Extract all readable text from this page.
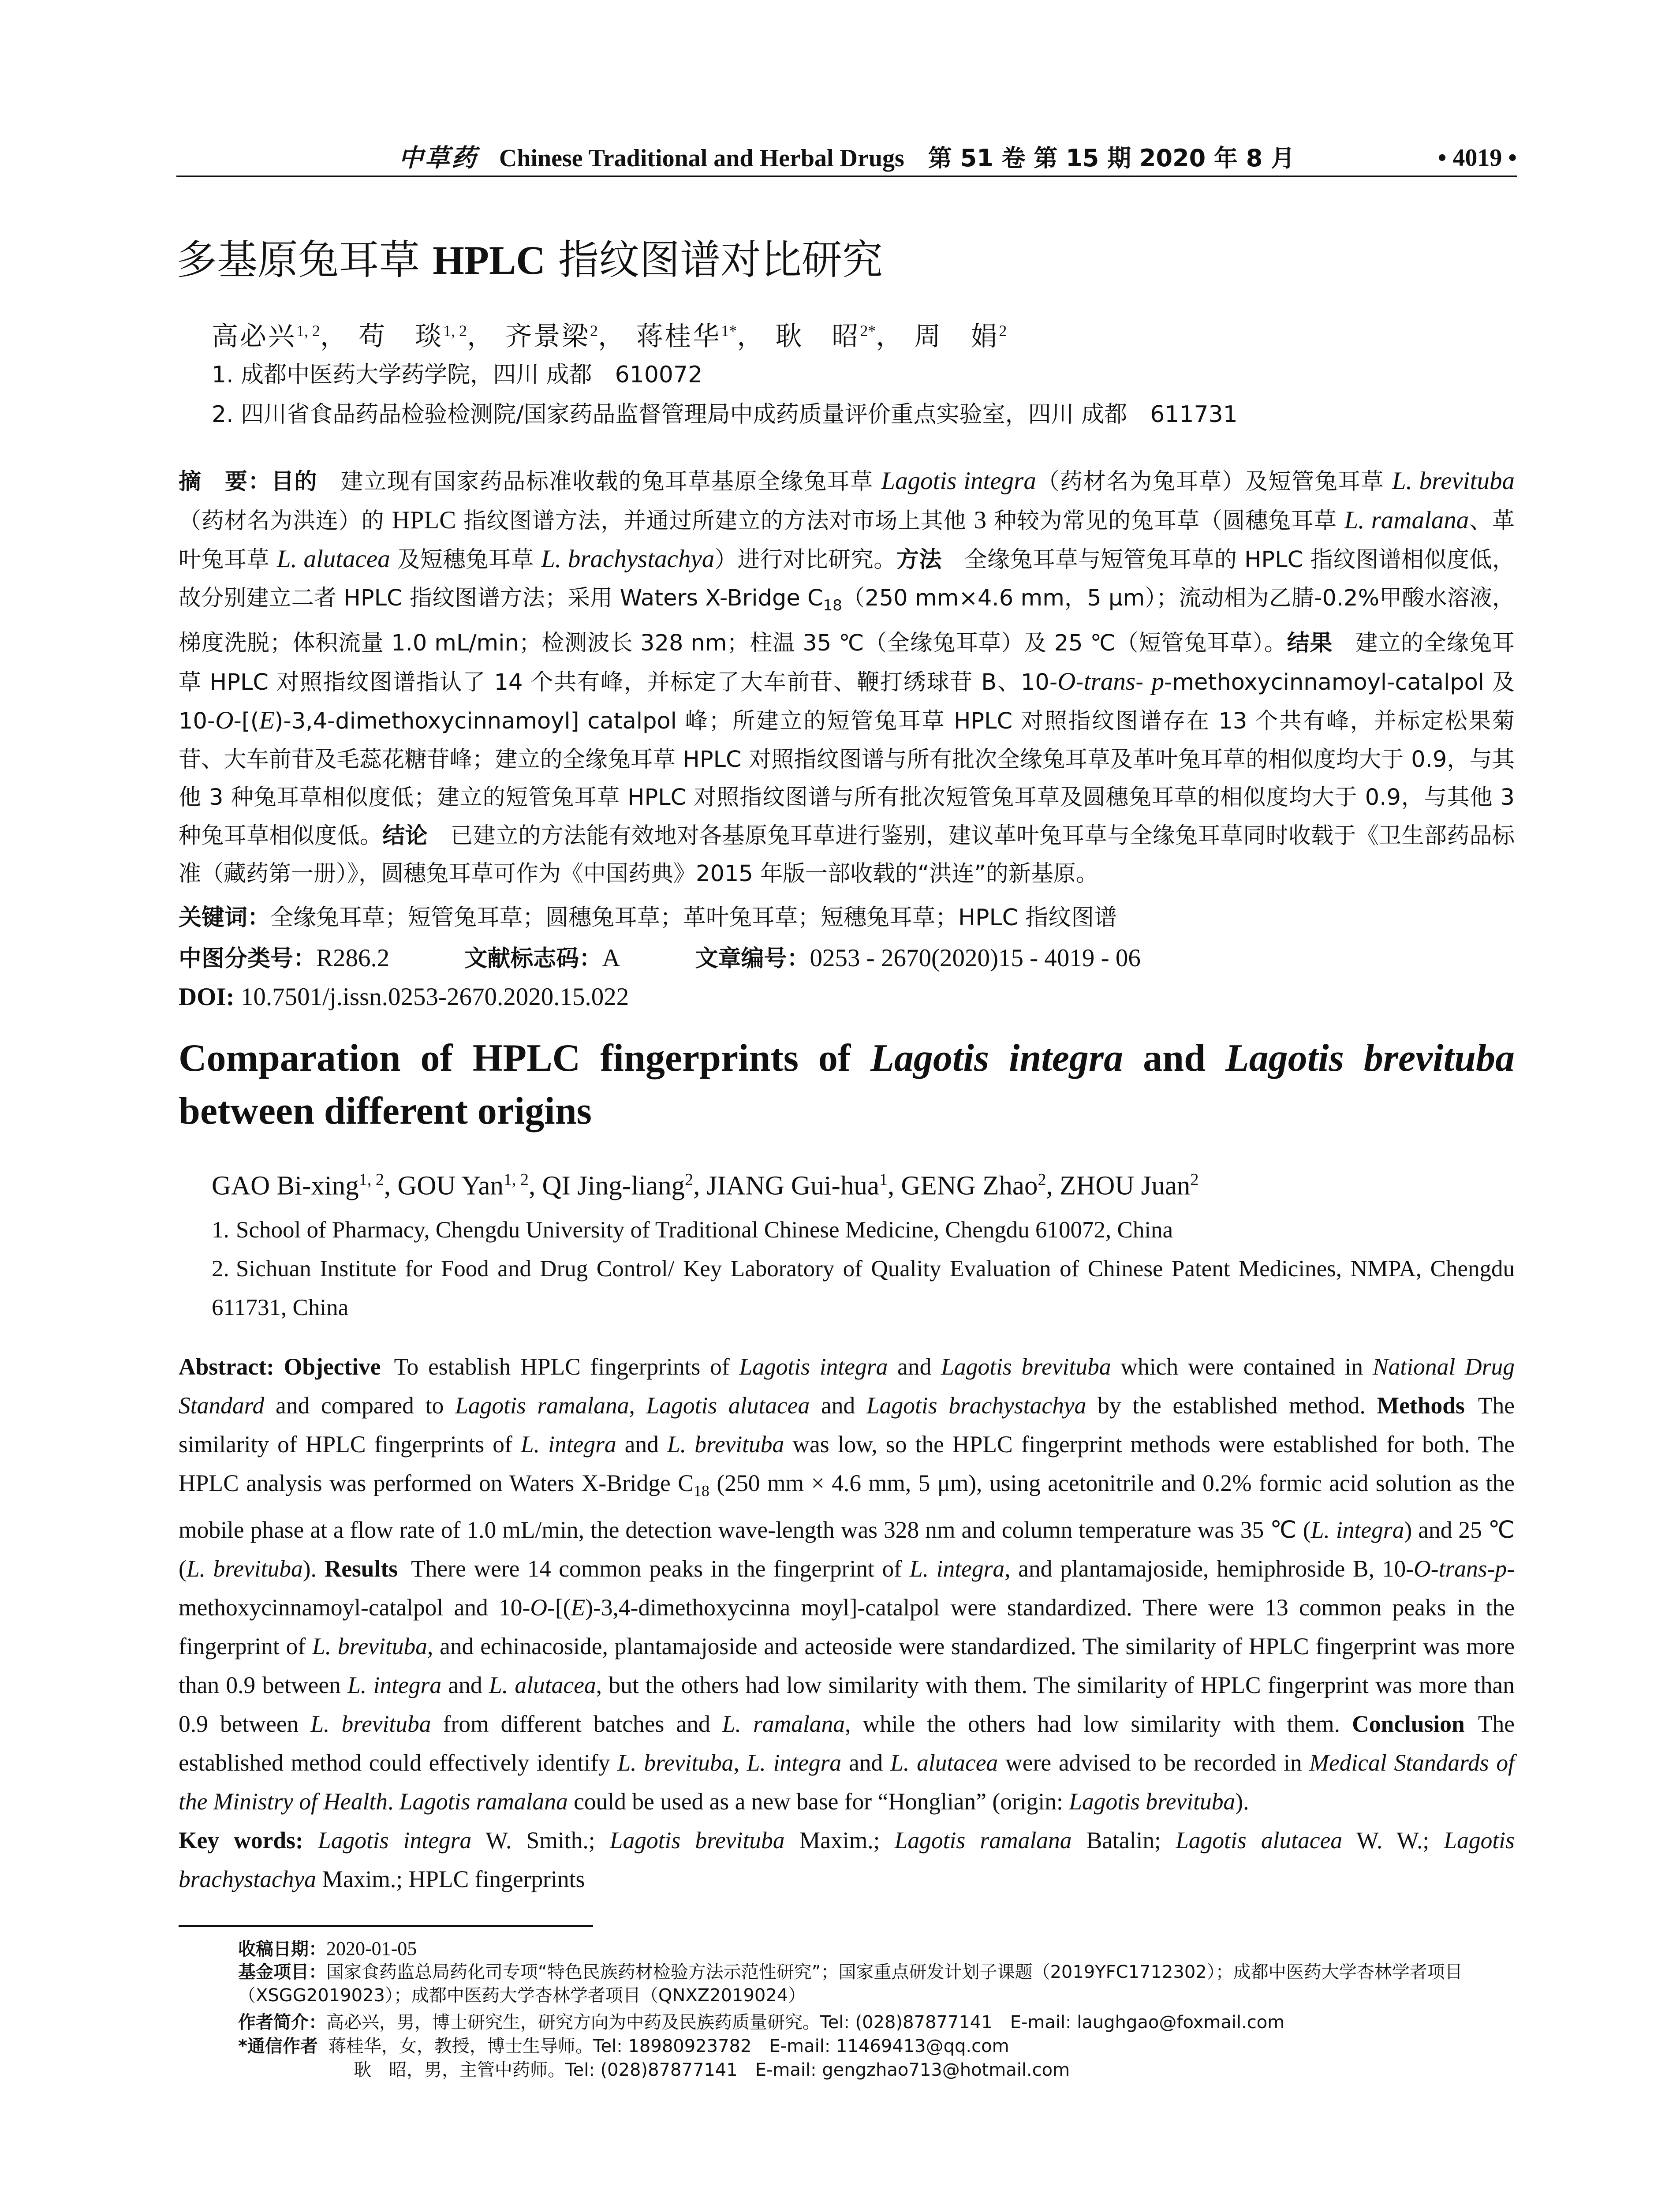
中草药 Chinese Traditional and Herbal Drugs 第 51 卷 第 15 期 2020 年 8 月	• 4019 •
多基原兔耳草 HPLC 指纹图谱对比研究
高必兴$^{1, 2}$， 苟　琰$^{1, 2}$， 齐景梁$^2$， 蒋桂华$^{1*}$， 耿　昭$^{2*}$， 周　娟$^2$
1. 成都中医药大学药学院，四川 成都　610072
2. 四川省食品药品检验检测院/国家药品监督管理局中成药质量评价重点实验室，四川 成都　611731
摘　要：目的　建立现有国家药品标准收载的兔耳草基原全缘兔耳草 Lagotis integra（药材名为兔耳草）及短管兔耳草 L. brevituba（药材名为洪连）的 HPLC 指纹图谱方法，并通过所建立的方法对市场上其他 3 种较为常见的兔耳草（圆穗兔耳草 L. ramalana、革叶兔耳草 L. alutacea 及短穗兔耳草 L. brachystachya）进行对比研究。方法　全缘兔耳草与短管兔耳草的 HPLC 指纹图谱相似度低，故分别建立二者 HPLC 指纹图谱方法；采用 Waters X-Bridge $C_{18}(250$ mm×4.6 mm，5 μm）；流动相为乙腈-0.2%甲酸水溶液，梯度洗脱；体积流量 1.0 mL/min；检测波长 328 nm；柱温 35 ℃（全缘兔耳草）及 25 ℃（短管兔耳草）。结果　建立的全缘兔耳草 HPLC 对照指纹图谱指认了 14 个共有峰，并标定了大车前苷、鞭打绣球苷 B、10-O-trans- p-methoxycinnamoyl-catalpol 及 10-O-[(E)-3,4-dimethoxycinnamoyl] catalpol 峰；所建立的短管兔耳草 HPLC 对照指纹图谱存在 13 个共有峰，并标定松果菊苷、大车前苷及毛蕊花糖苷峰；建立的全缘兔耳草 HPLC 对照指纹图谱与所有批次全缘兔耳草及革叶兔耳草的相似度均大于 0.9，与其他 3 种兔耳草相似度低；建立的短管兔耳草 HPLC 对照指纹图谱与所有批次短管兔耳草及圆穗兔耳草的相似度均大于 0.9，与其他 3 种兔耳草相似度低。结论　已建立的方法能有效地对各基原兔耳草进行鉴别，建议革叶兔耳草与全缘兔耳草同时收载于《卫生部药品标准（藏药第一册）》，圆穗兔耳草可作为《中国药典》2015 年版一部收载的“洪连”的新基原。
关键词：全缘兔耳草；短管兔耳草；圆穗兔耳草；革叶兔耳草；短穗兔耳草；HPLC 指纹图谱
中图分类号：R286.2	文献标志码：A	文章编号：0253 - 2670(2020)15 - 4019 - 06
DOI: 10.7501/j.issn.0253-2670.2020.15.022
Comparation of HPLC fingerprints of Lagotis integra and Lagotis brevituba
between different origins
GAO Bi-xing$^{1, 2}$, GOU Yan$^{1, 2}$, QI Jing-liang$^2$, JIANG Gui-hua$^1$, GENG Zhao$^2$, ZHOU Juan$^2$
1. School of Pharmacy, Chengdu University of Traditional Chinese Medicine, Chengdu 610072, China
2. Sichuan Institute for Food and Drug Control/ Key Laboratory of Quality Evaluation of Chinese Patent Medicines, NMPA, Chengdu 611731, China
Abstract: Objective To establish HPLC fingerprints of Lagotis integra and Lagotis brevituba which were contained in National Drug Standard and compared to Lagotis ramalana, Lagotis alutacea and Lagotis brachystachya by the established method. Methods The similarity of HPLC fingerprints of L. integra and L. brevituba was low, so the HPLC fingerprint methods were established for both. The HPLC analysis was performed on Waters X-Bridge $C_{18}$ (250 mm × 4.6 mm, 5 μm), using acetonitrile and 0.2% formic acid solution as the mobile phase at a flow rate of 1.0 mL/min, the detection wave-length was 328 nm and column temperature was 35 ℃ (L. integra) and 25 ℃ (L. brevituba). Results There were 14 common peaks in the fingerprint of L. integra, and plantamajoside, hemiphroside B, 10-O-trans-p-methoxycinnamoyl-catalpol and 10-O-[(E)-3,4-dimethoxycinna moyl]-catalpol were standardized. There were 13 common peaks in the fingerprint of L. brevituba, and echinacoside, plantamajoside and acteoside were standardized. The similarity of HPLC fingerprint was more than 0.9 between L. integra and L. alutacea, but the others had low similarity with them. The similarity of HPLC fingerprint was more than 0.9 between L. brevituba from different batches and L. ramalana, while the others had low similarity with them. Conclusion The established method could effectively identify L. brevituba, L. integra and L. alutacea were advised to be recorded in Medical Standards of the Ministry of Health. Lagotis ramalana could be used as a new base for “Honglian” (origin: Lagotis brevituba).
Key words: Lagotis integra W. Smith.; Lagotis brevituba Maxim.; Lagotis ramalana Batalin; Lagotis alutacea W. W.; Lagotis brachystachya Maxim.; HPLC fingerprints
收稿日期：2020-01-05
基金项目：国家食药监总局药化司专项“特色民族药材检验方法示范性研究”；国家重点研发计划子课题（2019YFC1712302）；成都中医药大学杏林学者项目（XSGG2019023）；成都中医药大学杏林学者项目（QNXZ2019024）
作者简介：高必兴，男，博士研究生，研究方向为中药及民族药质量研究。Tel: (028)87877141　E-mail: laughgao@foxmail.com
*通信作者 蒋桂华，女，教授，博士生导师。Tel: 18980923782　E-mail: 11469413@qq.com
耿　昭，男，主管中药师。Tel: (028)87877141　E-mail: gengzhao713@hotmail.com
